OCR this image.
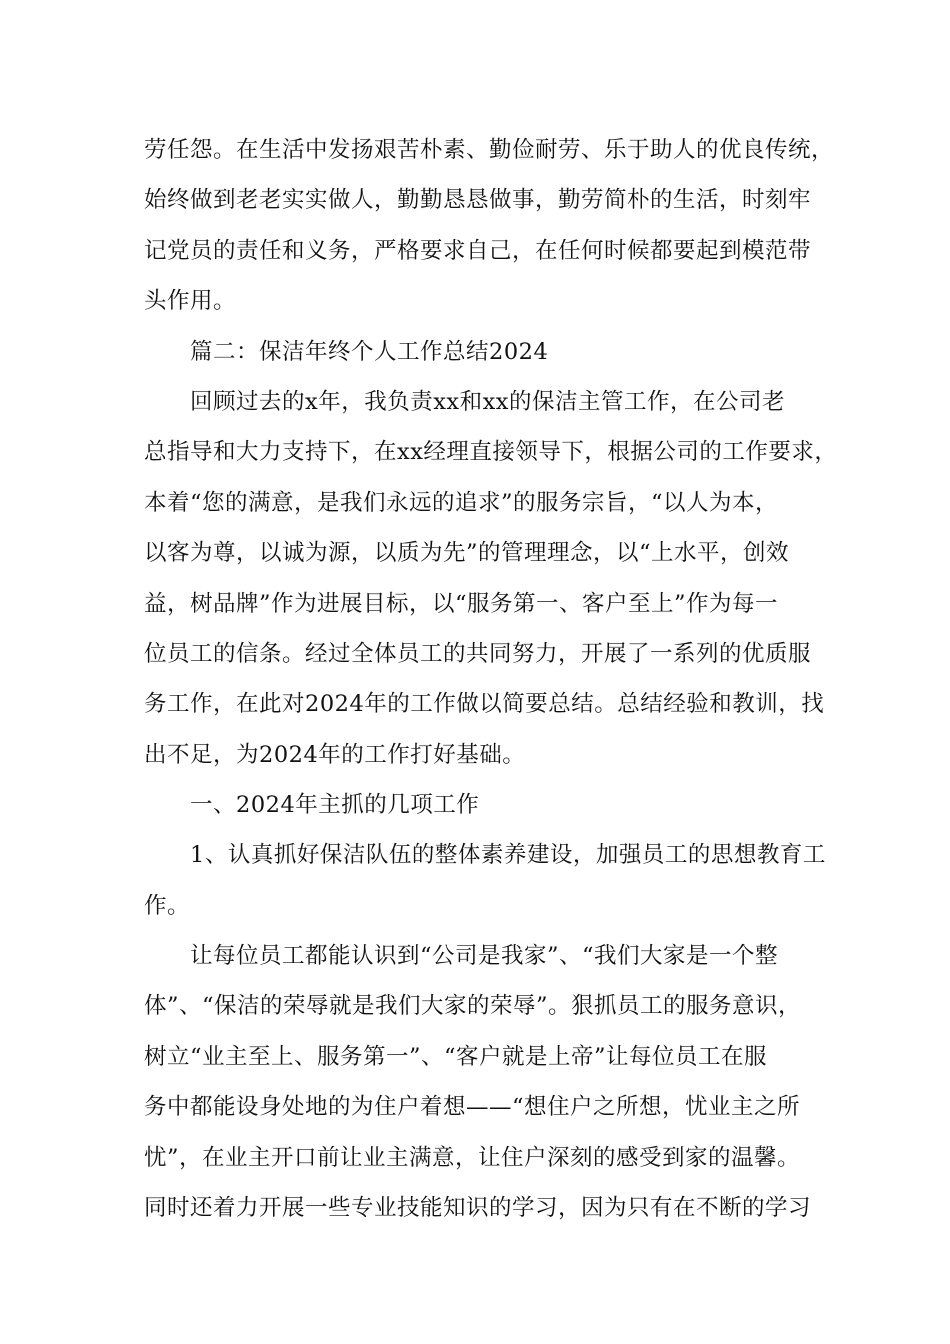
劳任怨。在生活中发扬艰苦朴素、勤俭耐劳、乐于助人的优良传统，
始终做到老老实实做人，勤勤恳恳做事，勤劳简朴的生活，时刻牢
记党员的责任和义务，严格要求自己，在任何时候都要起到模范带
头作用。
篇二：保洁年终个人工作总结2024
回顾过去的x年，我负责xx和xx的保洁主管工作，在公司老
总指导和大力支持下，在xx经理直接领导下，根据公司的工作要求，
本着“您的满意，是我们永远的追求”的服务宗旨，“以人为本，
以客为尊，以诚为源，以质为先”的管理理念，以“上水平，创效
益，树品牌”作为进展目标，以“服务第一、客户至上”作为每一
位员工的信条。经过全体员工的共同努力，开展了一系列的优质服
务工作，在此对2024年的工作做以简要总结。总结经验和教训，找
出不足，为2024年的工作打好基础。
一、2024年主抓的几项工作
1、认真抓好保洁队伍的整体素养建设，加强员工的思想教育工
作。
让每位员工都能认识到“公司是我家”、“我们大家是一个整
体”、“保洁的荣辱就是我们大家的荣辱”。狠抓员工的服务意识，
树立“业主至上、服务第一”、“客户就是上帝”让每位员工在服
务中都能设身处地的为住户着想——“想住户之所想，忧业主之所
忧”，在业主开口前让业主满意，让住户深刻的感受到家的温馨。
同时还着力开展一些专业技能知识的学习，因为只有在不断的学习
